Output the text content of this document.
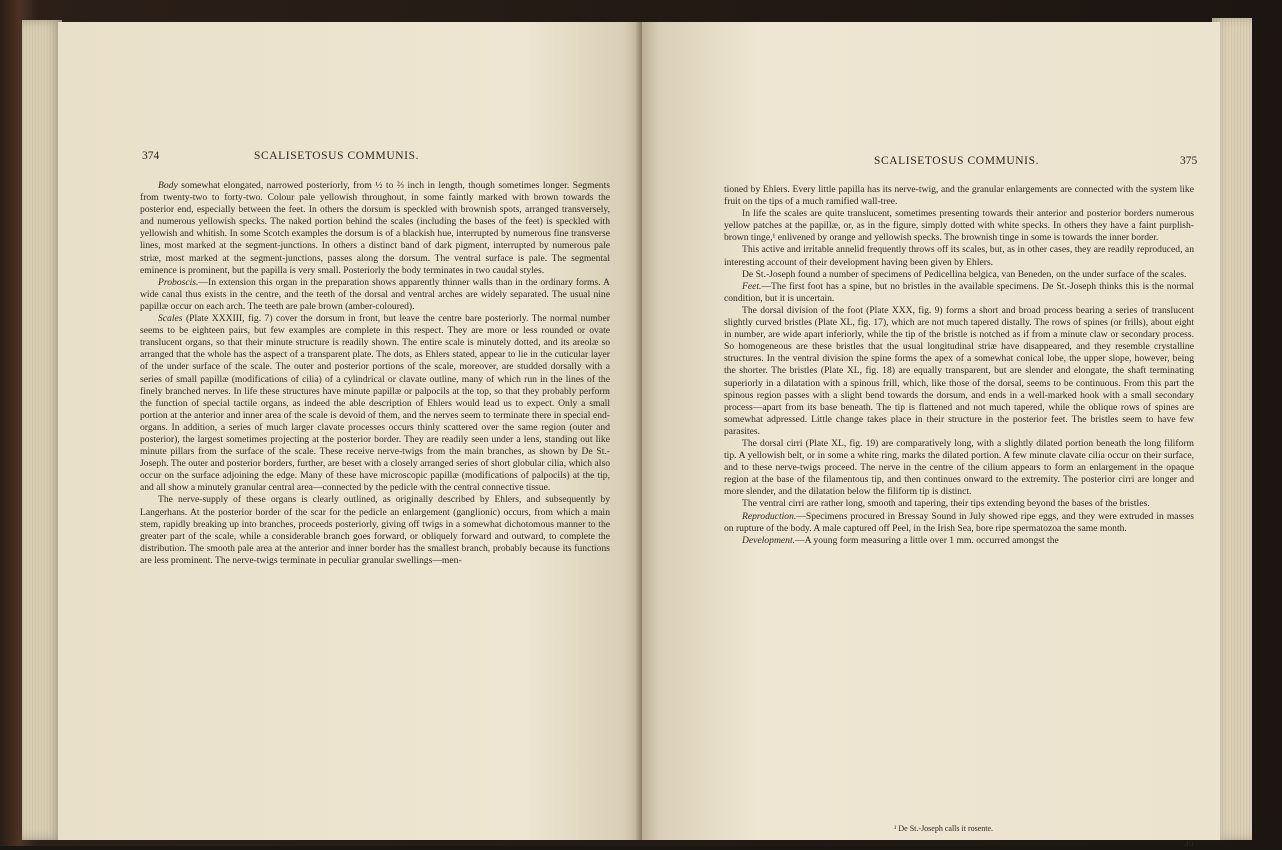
374	SCALISETOSUS COMMUNIS.

Body somewhat elongated, narrowed posteriorly, from ½ to ⅔ inch in length, though sometimes longer. Segments from twenty-two to forty-two. Colour pale yellowish throughout, in some faintly marked with brown towards the posterior end, especially between the feet. In others the dorsum is speckled with brownish spots, arranged transversely, and numerous yellowish specks. The naked portion behind the scales (including the bases of the feet) is speckled with yellowish and whitish. In some Scotch examples the dorsum is of a blackish hue, interrupted by numerous fine transverse lines, most marked at the segment-junctions. In others a distinct band of dark pigment, interrupted by numerous pale striæ, most marked at the segment-junctions, passes along the dorsum. The ventral surface is pale. The segmental eminence is prominent, but the papilla is very small. Posteriorly the body terminates in two caudal styles.

Proboscis.—In extension this organ in the preparation shows apparently thinner walls than in the ordinary forms. A wide canal thus exists in the centre, and the teeth of the dorsal and ventral arches are widely separated. The usual nine papillæ occur on each arch. The teeth are pale brown (amber-coloured).

Scales (Plate XXXIII, fig. 7) cover the dorsum in front, but leave the centre bare posteriorly. The normal number seems to be eighteen pairs, but few examples are complete in this respect. They are more or less rounded or ovate translucent organs, so that their minute structure is readily shown. The entire scale is minutely dotted, and its areolæ so arranged that the whole has the aspect of a transparent plate. The dots, as Ehlers stated, appear to lie in the cuticular layer of the under surface of the scale. The outer and posterior portions of the scale, moreover, are studded dorsally with a series of small papillæ (modifications of cilia) of a cylindrical or clavate outline, many of which run in the lines of the finely branched nerves. In life these structures have minute papillæ or palpocils at the top, so that they probably perform the function of special tactile organs, as indeed the able description of Ehlers would lead us to expect. Only a small portion at the anterior and inner area of the scale is devoid of them, and the nerves seem to terminate there in special end-organs. In addition, a series of much larger clavate processes occurs thinly scattered over the same region (outer and posterior), the largest sometimes projecting at the posterior border. They are readily seen under a lens, standing out like minute pillars from the surface of the scale. These receive nerve-twigs from the main branches, as shown by De St.-Joseph. The outer and posterior borders, further, are beset with a closely arranged series of short globular cilia, which also occur on the surface adjoining the edge. Many of these have microscopic papillæ (modifications of palpocils) at the tip, and all show a minutely granular central area—connected by the pedicle with the central connective tissue.

The nerve-supply of these organs is clearly outlined, as originally described by Ehlers, and subsequently by Langerhans. At the posterior border of the scar for the pedicle an enlargement (ganglionic) occurs, from which a main stem, rapidly breaking up into branches, proceeds posteriorly, giving off twigs in a somewhat dichotomous manner to the greater part of the scale, while a considerable branch goes forward, or obliquely forward and outward, to complete the distribution. The smooth pale area at the anterior and inner border has the smallest branch, probably because its functions are less prominent. The nerve-twigs terminate in peculiar granular swellings—men-

SCALISETOSUS COMMUNIS.	375

tioned by Ehlers. Every little papilla has its nerve-twig, and the granular enlargements are connected with the system like fruit on the tips of a much ramified wall-tree.

In life the scales are quite translucent, sometimes presenting towards their anterior and posterior borders numerous yellow patches at the papillæ, or, as in the figure, simply dotted with white specks. In others they have a faint purplish-brown tinge,¹ enlivened by orange and yellowish specks. The brownish tinge in some is towards the inner border.

This active and irritable annelid frequently throws off its scales, but, as in other cases, they are readily reproduced, an interesting account of their development having been given by Ehlers.

De St.-Joseph found a number of specimens of Pedicellina belgica, van Beneden, on the under surface of the scales.

Feet.—The first foot has a spine, but no bristles in the available specimens. De St.-Joseph thinks this is the normal condition, but it is uncertain.

The dorsal division of the foot (Plate XXX, fig. 9) forms a short and broad process bearing a series of translucent slightly curved bristles (Plate XL, fig. 17), which are not much tapered distally. The rows of spines (or frills), about eight in number, are wide apart inferiorly, while the tip of the bristle is notched as if from a minute claw or secondary process. So homogeneous are these bristles that the usual longitudinal striæ have disappeared, and they resemble crystalline structures. In the ventral division the spine forms the apex of a somewhat conical lobe, the upper slope, however, being the shorter. The bristles (Plate XL, fig. 18) are equally transparent, but are slender and elongate, the shaft terminating superiorly in a dilatation with a spinous frill, which, like those of the dorsal, seems to be continuous. From this part the spinous region passes with a slight bend towards the dorsum, and ends in a well-marked hook with a small secondary process—apart from its base beneath. The tip is flattened and not much tapered, while the oblique rows of spines are somewhat adpressed. Little change takes place in their structure in the posterior feet. The bristles seem to have few parasites.

The dorsal cirri (Plate XL, fig. 19) are comparatively long, with a slightly dilated portion beneath the long filiform tip. A yellowish belt, or in some a white ring, marks the dilated portion. A few minute clavate cilia occur on their surface, and to these nerve-twigs proceed. The nerve in the centre of the cilium appears to form an enlargement in the opaque region at the base of the filamentous tip, and then continues onward to the extremity. The posterior cirri are longer and more slender, and the dilatation below the filiform tip is distinct.

The ventral cirri are rather long, smooth and tapering, their tips extending beyond the bases of the bristles.

Reproduction.—Specimens procured in Bressay Sound in July showed ripe eggs, and they were extruded in masses on rupture of the body. A male captured off Peel, in the Irish Sea, bore ripe spermatozoa the same month.

Development.—A young form measuring a little over 1 mm. occurred amongst the

¹ De St.-Joseph calls it rosente.
49
